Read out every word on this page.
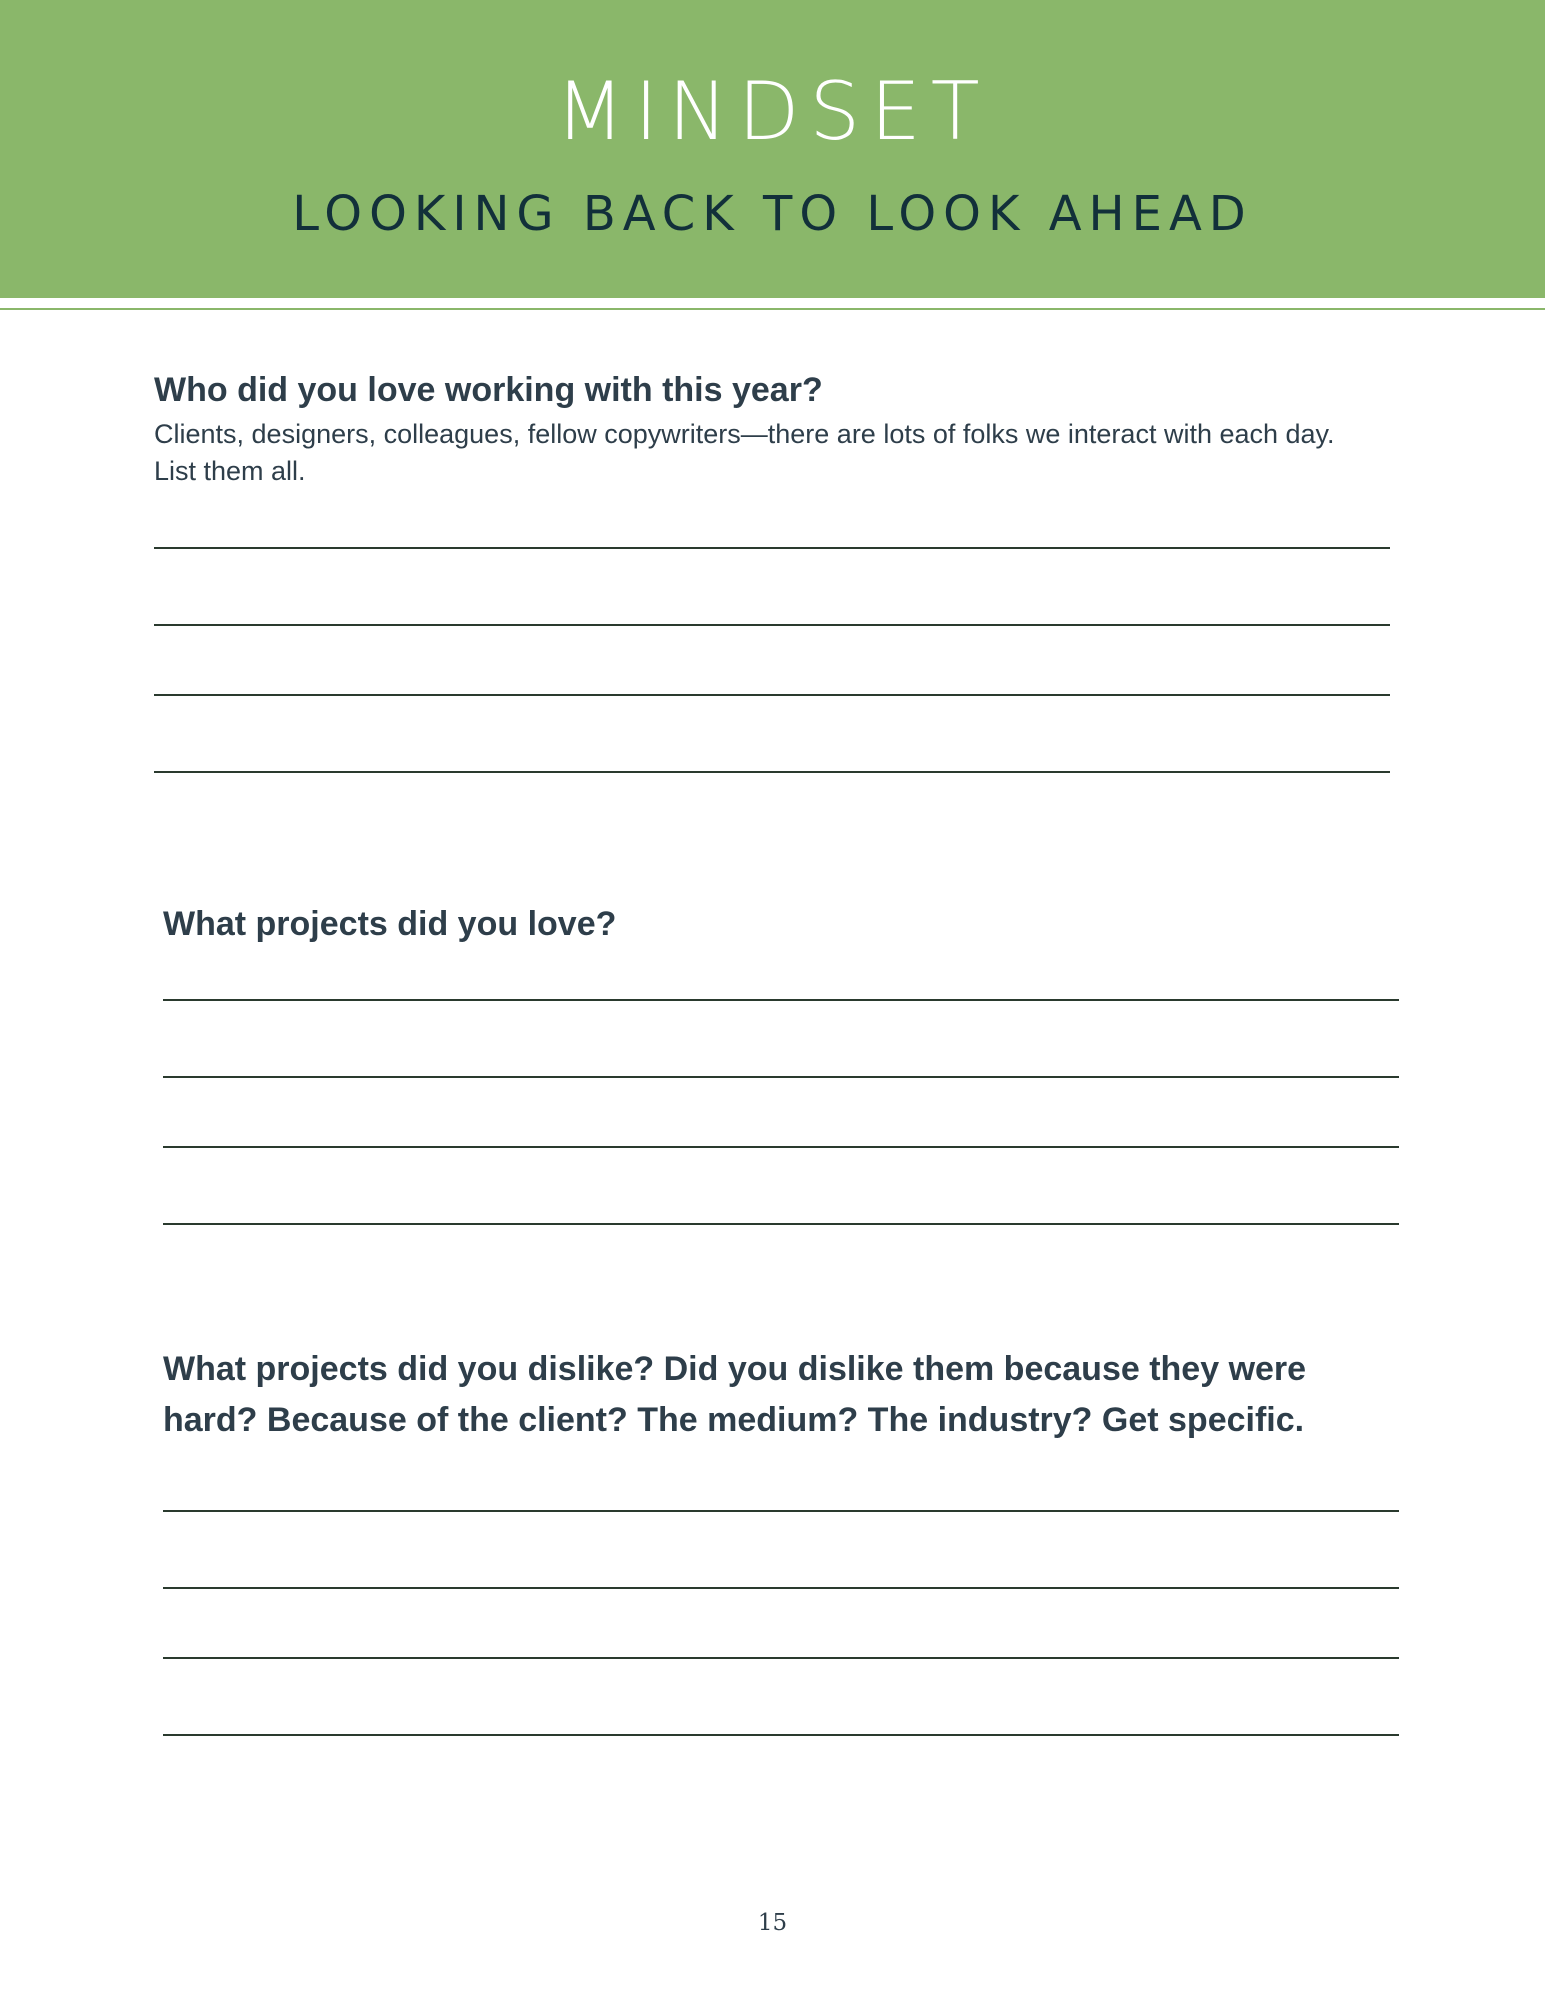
MINDSET
LOOKING BACK TO LOOK AHEAD

Who did you love working with this year?

Clients, designers, colleagues, fellow copywriters—there are lots of folks we interact with each day. List them all.

What projects did you love?

What projects did you dislike? Did you dislike them because they were hard? Because of the client? The medium? The industry? Get specific.

15
